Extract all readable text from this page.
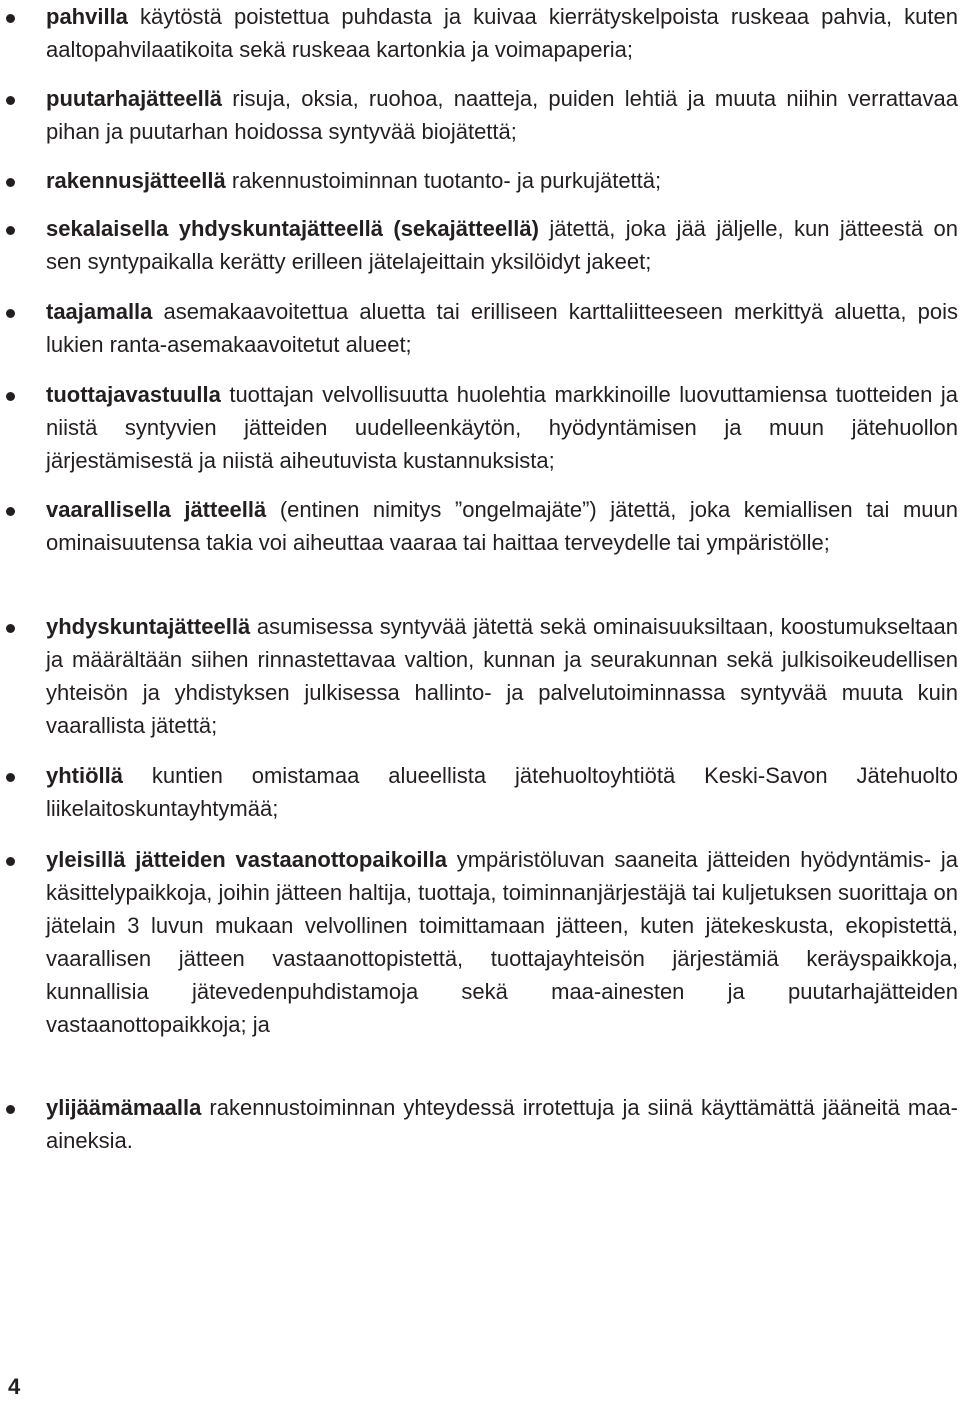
pahvilla käytöstä poistettua puhdasta ja kuivaa kierrätyskelpoista ruskeaa pahvia, kuten aaltopahvilaatikoita sekä ruskeaa kartonkia ja voimapaperia;

puutarhajätteellä risuja, oksia, ruohoa, naatteja, puiden lehtiä ja muuta niihin verrattavaa pihan ja puutarhan hoidossa syntyvää biojätettä;

rakennusjätteellä rakennustoiminnan tuotanto- ja purkujätettä;

sekalaisella yhdyskuntajätteellä (sekajätteellä) jätettä, joka jää jäljelle, kun jätteestä on sen syntypaikalla kerätty erilleen jätelajeittain yksilöidyt jakeet;

taajamalla asemakaavoitettua aluetta tai erilliseen karttaliitteeseen merkittyä aluetta, pois lukien ranta-asemakaavoitetut alueet;

tuottajavastuulla tuottajan velvollisuutta huolehtia markkinoille luovuttamiensa tuotteiden ja niistä syntyvien jätteiden uudelleenkäytön, hyödyntämisen ja muun jätehuollon järjestämisestä ja niistä aiheutuvista kustannuksista;

vaarallisella jätteellä (entinen nimitys ”ongelmajäte”) jätettä, joka kemiallisen tai muun ominaisuutensa takia voi aiheuttaa vaaraa tai haittaa terveydelle tai ympäristölle;

yhdyskuntajätteellä asumisessa syntyvää jätettä sekä ominaisuuksiltaan, koostumukseltaan ja määrältään siihen rinnastettavaa valtion, kunnan ja seurakunnan sekä julkisoikeudellisen yhteisön ja yhdistyksen julkisessa hallinto- ja palvelutoiminnassa syntyvää muuta kuin vaarallista jätettä;

yhtiöllä kuntien omistamaa alueellista jätehuoltoyhtiötä Keski-Savon Jätehuolto liikelaitoskuntayhtymää;

yleisillä jätteiden vastaanottopaikoilla ympäristöluvan saaneita jätteiden hyödyntämis- ja käsittelypaikkoja, joihin jätteen haltija, tuottaja, toiminnanjärjestäjä tai kuljetuksen suorittaja on jätelain 3 luvun mukaan velvollinen toimittamaan jätteen, kuten jätekeskusta, ekopistettä, vaarallisen jätteen vastaanottopistettä, tuottajayhteisön järjestämiä keräyspaikkoja, kunnallisia jätevedenpuhdistamoja sekä maa-ainesten ja puutarhajätteiden vastaanottopaikkoja; ja

ylijäämämaalla rakennustoiminnan yhteydessä irrotettuja ja siinä käyttämättä jääneitä maa-aineksia.

4
